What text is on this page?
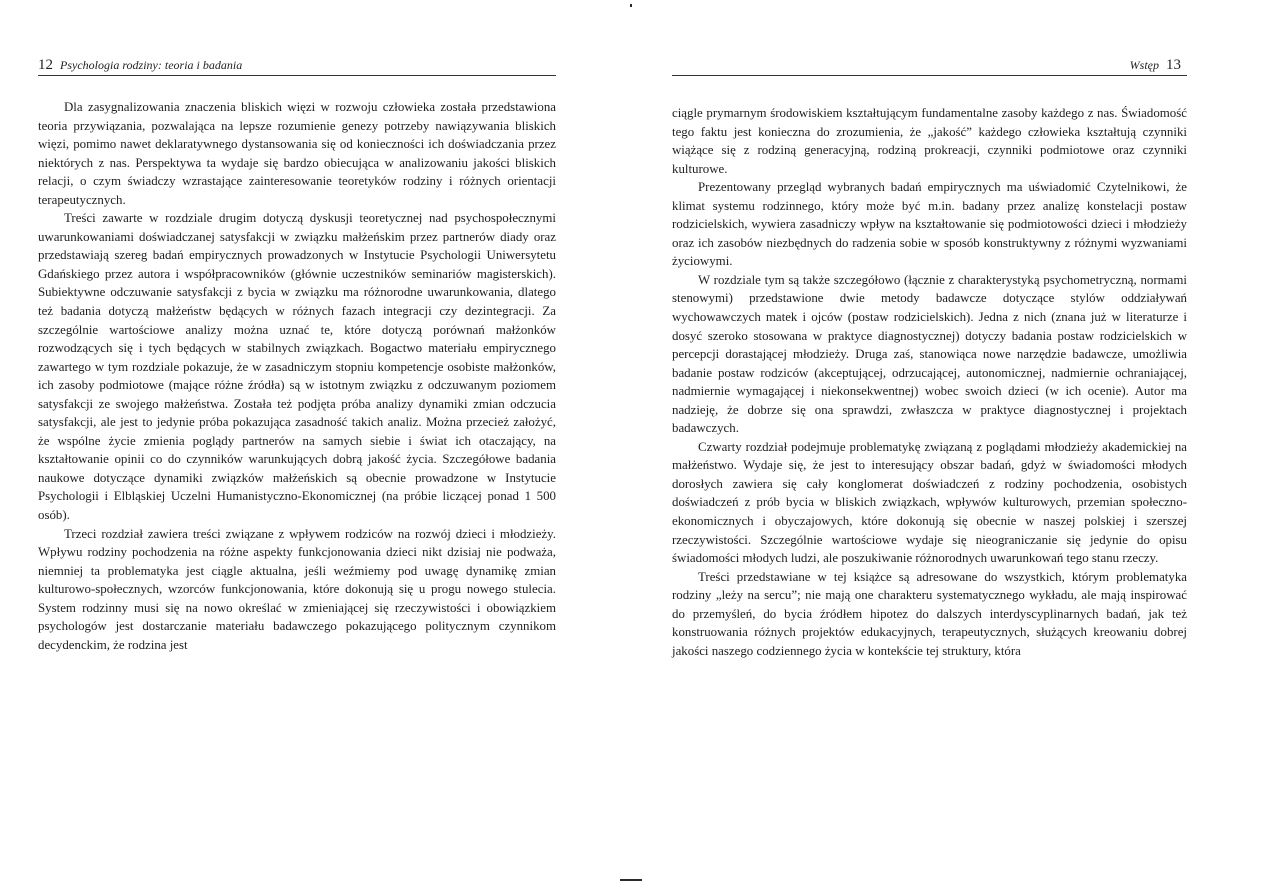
12 Psychologia rodziny: teoria i badania

Dla zasygnalizowania znaczenia bliskich więzi w rozwoju człowieka została przedstawiona teoria przywiązania, pozwalająca na lepsze rozumienie genezy potrzeby nawiązywania bliskich więzi, pomimo nawet deklaratywnego dystansowania się od konieczności ich doświadczania przez niektórych z nas. Perspektywa ta wydaje się bardzo obiecująca w analizowaniu jakości bliskich relacji, o czym świadczy wzrastające zainteresowanie teoretyków rodziny i różnych orientacji terapeutycznych.

Treści zawarte w rozdziale drugim dotyczą dyskusji teoretycznej nad psychospołecznymi uwarunkowaniami doświadczanej satysfakcji w związku małżeńskim przez partnerów diady oraz przedstawiają szereg badań empirycznych prowadzonych w Instytucie Psychologii Uniwersytetu Gdańskiego przez autora i współpracowników (głównie uczestników seminariów magisterskich). Subiektywne odczuwanie satysfakcji z bycia w związku ma różnorodne uwarunkowania, dlatego też badania dotyczą małżeństw będących w różnych fazach integracji czy dezintegracji. Za szczególnie wartościowe analizy można uznać te, które dotyczą porównań małżonków rozwodzących się i tych będących w stabilnych związkach. Bogactwo materiału empirycznego zawartego w tym rozdziale pokazuje, że w zasadniczym stopniu kompetencje osobiste małżonków, ich zasoby podmiotowe (mające różne źródła) są w istotnym związku z odczuwanym poziomem satysfakcji ze swojego małżeństwa. Została też podjęta próba analizy dynamiki zmian odczucia satysfakcji, ale jest to jedynie próba pokazująca zasadność takich analiz. Można przecież założyć, że wspólne życie zmienia poglądy partnerów na samych siebie i świat ich otaczający, na kształtowanie opinii co do czynników warunkujących dobrą jakość życia. Szczegółowe badania naukowe dotyczące dynamiki związków małżeńskich są obecnie prowadzone w Instytucie Psychologii i Elbląskiej Uczelni Humanistyczno-Ekonomicznej (na próbie liczącej ponad 1 500 osób).

Trzeci rozdział zawiera treści związane z wpływem rodziców na rozwój dzieci i młodzieży. Wpływu rodziny pochodzenia na różne aspekty funkcjonowania dzieci nikt dzisiaj nie podważa, niemniej ta problematyka jest ciągle aktualna, jeśli weźmiemy pod uwagę dynamikę zmian kulturowo-społecznych, wzorców funkcjonowania, które dokonują się u progu nowego stulecia. System rodzinny musi się na nowo określać w zmieniającej się rzeczywistości i obowiązkiem psychologów jest dostarczanie materiału badawczego pokazującego politycznym czynnikom decydenckim, że rodzina jest

Wstęp 13

ciągle prymarnym środowiskiem kształtującym fundamentalne zasoby każdego z nas. Świadomość tego faktu jest konieczna do zrozumienia, że „jakość” każdego człowieka kształtują czynniki wiążące się z rodziną generacyjną, rodziną prokreacji, czynniki podmiotowe oraz czynniki kulturowe.

Prezentowany przegląd wybranych badań empirycznych ma uświadomić Czytelnikowi, że klimat systemu rodzinnego, który może być m.in. badany przez analizę konstelacji postaw rodzicielskich, wywiera zasadniczy wpływ na kształtowanie się podmiotowości dzieci i młodzieży oraz ich zasobów niezbędnych do radzenia sobie w sposób konstruktywny z różnymi wyzwaniami życiowymi.

W rozdziale tym są także szczegółowo (łącznie z charakterystyką psychometryczną, normami stenowymi) przedstawione dwie metody badawcze dotyczące stylów oddziaływań wychowawczych matek i ojców (postaw rodzicielskich). Jedna z nich (znana już w literaturze i dosyć szeroko stosowana w praktyce diagnostycznej) dotyczy badania postaw rodzicielskich w percepcji dorastającej młodzieży. Druga zaś, stanowiąca nowe narzędzie badawcze, umożliwia badanie postaw rodziców (akceptującej, odrzucającej, autonomicznej, nadmiernie ochraniającej, nadmiernie wymagającej i niekonsekwentnej) wobec swoich dzieci (w ich ocenie). Autor ma nadzieję, że dobrze się ona sprawdzi, zwłaszcza w praktyce diagnostycznej i projektach badawczych.

Czwarty rozdział podejmuje problematykę związaną z poglądami młodzieży akademickiej na małżeństwo. Wydaje się, że jest to interesujący obszar badań, gdyż w świadomości młodych dorosłych zawiera się cały konglomerat doświadczeń z rodziny pochodzenia, osobistych doświadczeń z prób bycia w bliskich związkach, wpływów kulturowych, przemian społeczno-ekonomicznych i obyczajowych, które dokonują się obecnie w naszej polskiej i szerszej rzeczywistości. Szczególnie wartościowe wydaje się nieograniczanie się jedynie do opisu świadomości młodych ludzi, ale poszukiwanie różnorodnych uwarunkowań tego stanu rzeczy.

Treści przedstawiane w tej książce są adresowane do wszystkich, którym problematyka rodziny „leży na sercu”; nie mają one charakteru systematycznego wykładu, ale mają inspirować do przemyśleń, do bycia źródłem hipotez do dalszych interdyscyplinarnych badań, jak też konstruowania różnych projektów edukacyjnych, terapeutycznych, służących kreowaniu dobrej jakości naszego codziennego życia w kontekście tej struktury, która
